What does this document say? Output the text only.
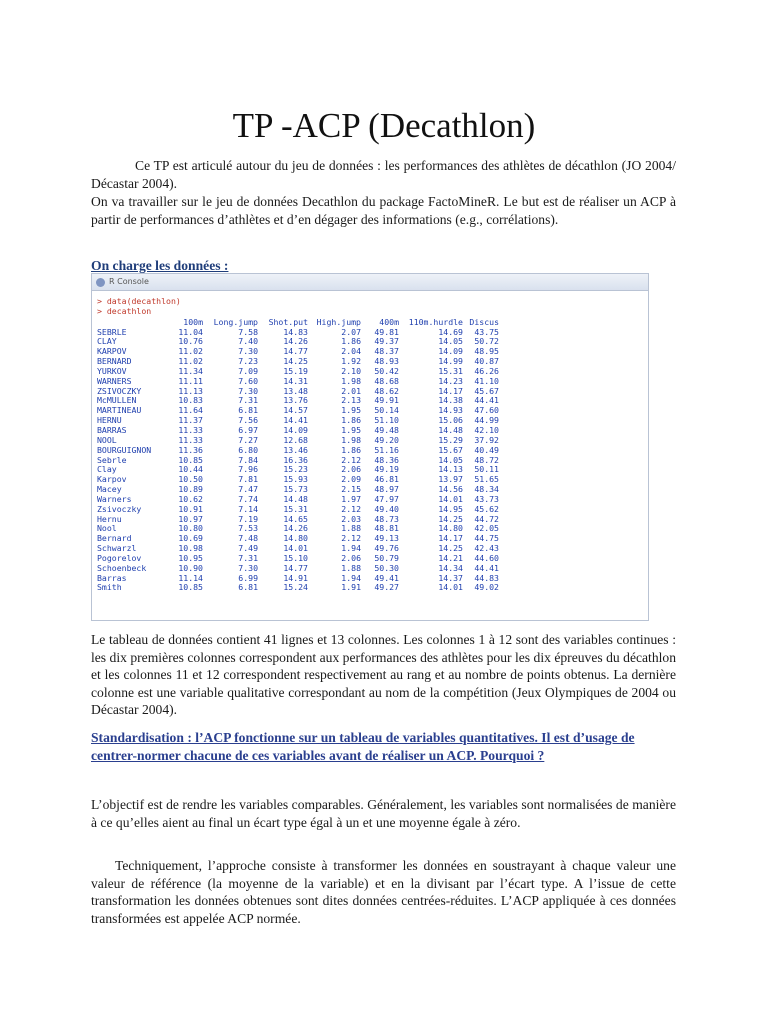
TP -ACP (Decathlon)

Ce TP est articulé autour du jeu de données : les performances des athlètes de décathlon (JO 2004/ Décastar 2004).

On va travailler sur le jeu de données Decathlon du package FactoMineR. Le but est de réaliser un ACP à partir de performances d’athlètes et d’en dégager des informations (e.g., corrélations).

On charge les données :

R Console
> data(decathlon)
> decathlon
	100m	Long.jump	Shot.put	High.jump	400m	110m.hurdle	Discus
SEBRLE	11.04	7.58	14.83	2.07	49.81	14.69	43.75
CLAY	10.76	7.40	14.26	1.86	49.37	14.05	50.72
KARPOV	11.02	7.30	14.77	2.04	48.37	14.09	48.95
BERNARD	11.02	7.23	14.25	1.92	48.93	14.99	40.87
YURKOV	11.34	7.09	15.19	2.10	50.42	15.31	46.26
WARNERS	11.11	7.60	14.31	1.98	48.68	14.23	41.10
ZSIVOCZKY	11.13	7.30	13.48	2.01	48.62	14.17	45.67
McMULLEN	10.83	7.31	13.76	2.13	49.91	14.38	44.41
MARTINEAU	11.64	6.81	14.57	1.95	50.14	14.93	47.60
HERNU	11.37	7.56	14.41	1.86	51.10	15.06	44.99
BARRAS	11.33	6.97	14.09	1.95	49.48	14.48	42.10
NOOL	11.33	7.27	12.68	1.98	49.20	15.29	37.92
BOURGUIGNON	11.36	6.80	13.46	1.86	51.16	15.67	40.49
Sebrle	10.85	7.84	16.36	2.12	48.36	14.05	48.72
Clay	10.44	7.96	15.23	2.06	49.19	14.13	50.11
Karpov	10.50	7.81	15.93	2.09	46.81	13.97	51.65
Macey	10.89	7.47	15.73	2.15	48.97	14.56	48.34
Warners	10.62	7.74	14.48	1.97	47.97	14.01	43.73
Zsivoczky	10.91	7.14	15.31	2.12	49.40	14.95	45.62
Hernu	10.97	7.19	14.65	2.03	48.73	14.25	44.72
Nool	10.80	7.53	14.26	1.88	48.81	14.80	42.05
Bernard	10.69	7.48	14.80	2.12	49.13	14.17	44.75
Schwarzl	10.98	7.49	14.01	1.94	49.76	14.25	42.43
Pogorelov	10.95	7.31	15.10	2.06	50.79	14.21	44.60
Schoenbeck	10.90	7.30	14.77	1.88	50.30	14.34	44.41
Barras	11.14	6.99	14.91	1.94	49.41	14.37	44.83
Smith	10.85	6.81	15.24	1.91	49.27	14.01	49.02

Le tableau de données contient 41 lignes et 13 colonnes. Les colonnes 1 à 12 sont des variables continues : les dix premières colonnes correspondent aux performances des athlètes pour les dix épreuves du décathlon et les colonnes 11 et 12 correspondent respectivement au rang et au nombre de points obtenus. La dernière colonne est une variable qualitative correspondant au nom de la compétition (Jeux Olympiques de 2004 ou Décastar 2004).

Standardisation : l’ACP fonctionne sur un tableau de variables quantitatives. Il est d’usage de centrer-normer chacune de ces variables avant de réaliser un ACP. Pourquoi ?

L’objectif est de rendre les variables comparables. Généralement, les variables sont normalisées de manière à ce qu’elles aient au final un écart type égal à un et une moyenne égale à zéro.

Techniquement, l’approche consiste à transformer les données en soustrayant à chaque valeur une valeur de référence (la moyenne de la variable) et en la divisant par l’écart type. A l’issue de cette transformation les données obtenues sont dites données centrées-réduites. L’ACP appliquée à ces données transformées est appelée ACP normée.
